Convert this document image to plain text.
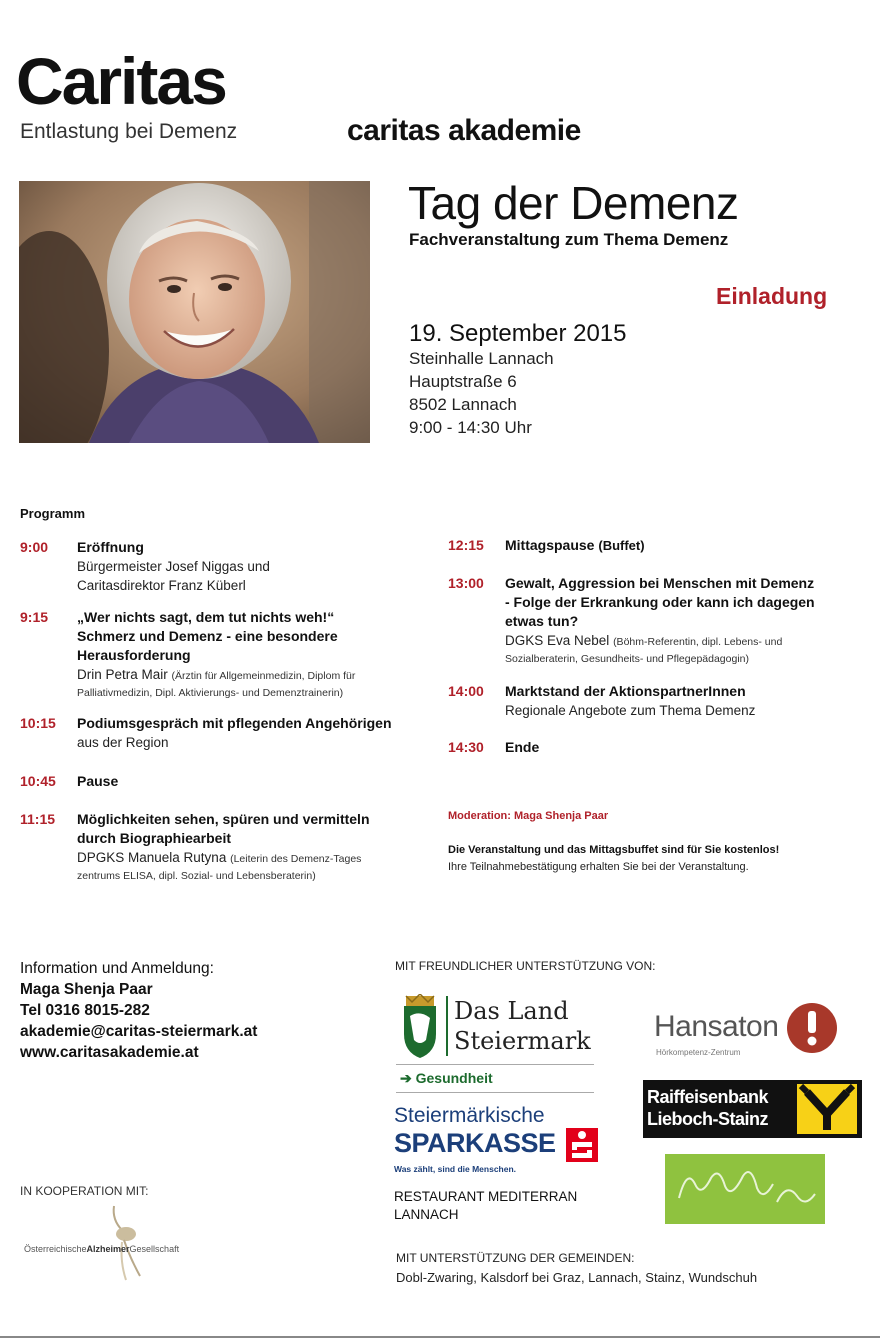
Caritas
Entlastung bei Demenz	caritas akademie
Tag der Demenz
Fachveranstaltung zum Thema Demenz
Einladung
19. September 2015
Steinhalle Lannach
Hauptstraße 6
8502 Lannach
9:00 - 14:30 Uhr
Programm
9:00 Eröffnung
Bürgermeister Josef Niggas und
Caritasdirektor Franz Küberl
9:15 „Wer nichts sagt, dem tut nichts weh!“
Schmerz und Demenz - eine besondere
Herausforderung
Drin Petra Mair (Ärztin für Allgemeinmedizin, Diplom für
Palliativmedizin, Dipl. Aktivierungs- und Demenztrainerin)
10:15 Podiumsgespräch mit pflegenden Angehörigen
aus der Region
10:45 Pause
11:15 Möglichkeiten sehen, spüren und vermitteln
durch Biographiearbeit
DPGKS Manuela Rutyna (Leiterin des Demenz-Tages
zentrums ELISA, dipl. Sozial- und Lebensberaterin)
12:15 Mittagspause (Buffet)
13:00 Gewalt, Aggression bei Menschen mit Demenz
- Folge der Erkrankung oder kann ich dagegen
etwas tun?
DGKS Eva Nebel (Böhm-Referentin, dipl. Lebens- und
Sozialberaterin, Gesundheits- und Pflegepädagogin)
14:00 Marktstand der AktionspartnerInnen
Regionale Angebote zum Thema Demenz
14:30 Ende
Moderation: Maga Shenja Paar
Die Veranstaltung und das Mittagsbuffet sind für Sie kostenlos!
Ihre Teilnahmebestätigung erhalten Sie bei der Veranstaltung.
Information und Anmeldung:
Maga Shenja Paar
Tel 0316 8015-282
akademie@caritas-steiermark.at
www.caritasakademie.at
MIT FREUNDLICHER UNTERSTÜTZUNG VON:
Das Land
Steiermark
➔ Gesundheit
Hansaton
Hörkompetenz-Zentrum
Raiffeisenbank
Lieboch-Stainz
Steiermärkische
SPARKASSE
Was zählt, sind die Menschen.
RESTAURANT MEDITERRAN
LANNACH
IN KOOPERATION MIT:
ÖsterreichischeAlzheimerGesellschaft
MIT UNTERSTÜTZUNG DER GEMEINDEN:
Dobl-Zwaring, Kalsdorf bei Graz, Lannach, Stainz, Wundschuh
